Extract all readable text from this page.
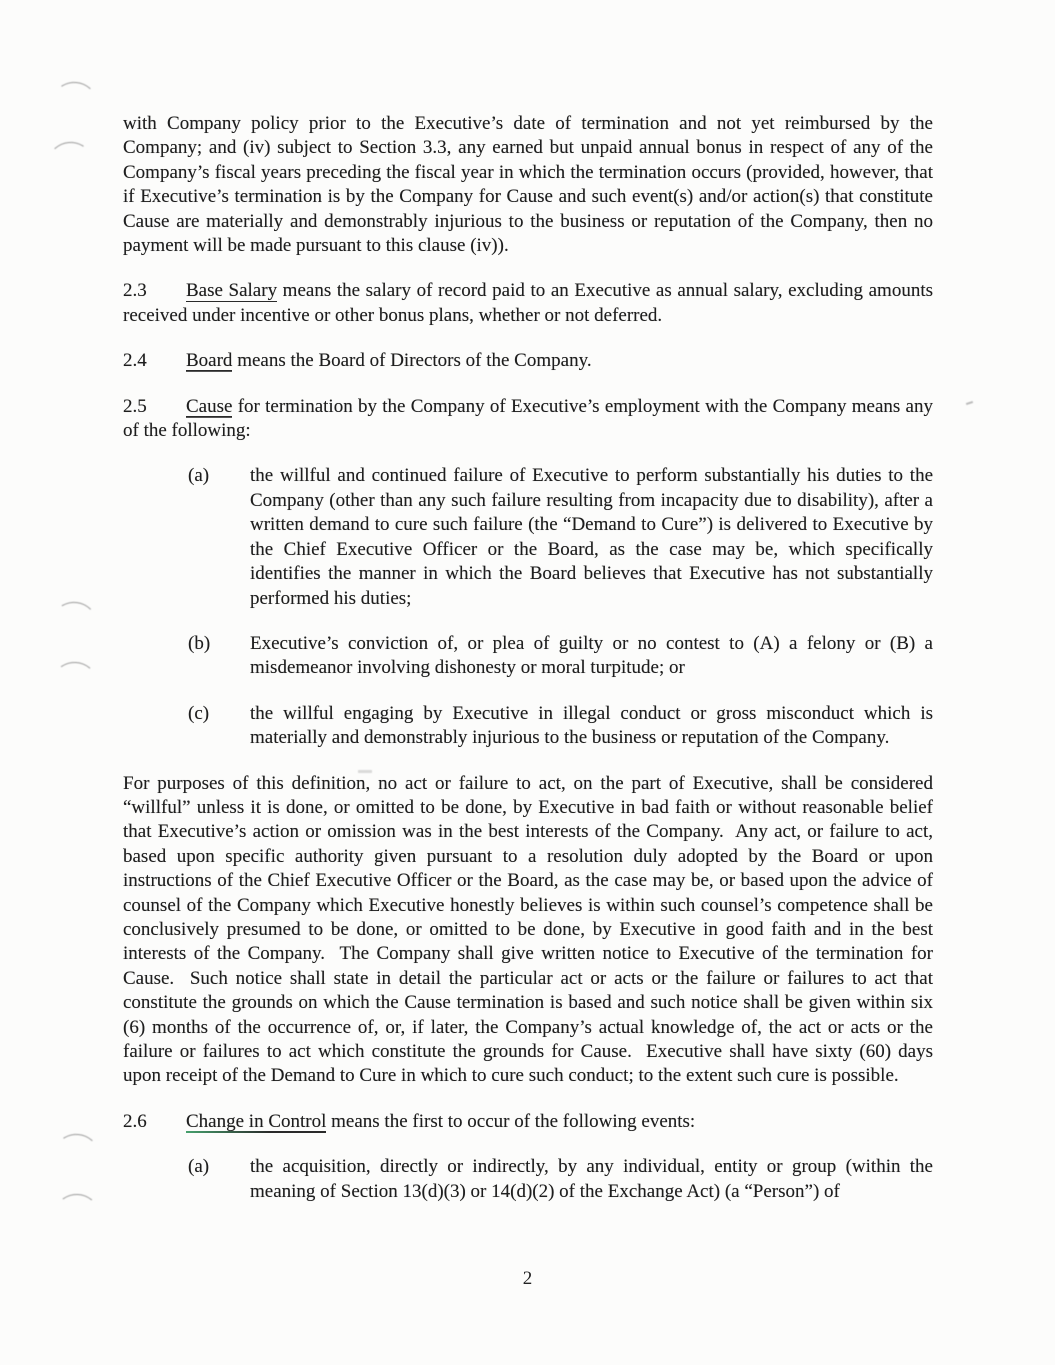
with Company policy prior to the Executive’s date of termination and not yet reimbursed by the Company; and (iv) subject to Section 3.3, any earned but unpaid annual bonus in respect of any of the Company’s fiscal years preceding the fiscal year in which the termination occurs (provided, however, that if Executive’s termination is by the Company for Cause and such event(s) and/or action(s) that constitute Cause are materially and demonstrably injurious to the business or reputation of the Company, then no payment will be made pursuant to this clause (iv)).

2.3 Base Salary means the salary of record paid to an Executive as annual salary, excluding amounts received under incentive or other bonus plans, whether or not deferred.

2.4 Board means the Board of Directors of the Company.

2.5 Cause for termination by the Company of Executive’s employment with the Company means any of the following:

(a)	the willful and continued failure of Executive to perform substantially his duties to the Company (other than any such failure resulting from incapacity due to disability), after a written demand to cure such failure (the “Demand to Cure”) is delivered to Executive by the Chief Executive Officer or the Board, as the case may be, which specifically identifies the manner in which the Board believes that Executive has not substantially performed his duties;
(b)	Executive’s conviction of, or plea of guilty or no contest to (A) a felony or (B) a misdemeanor involving dishonesty or moral turpitude; or
(c)	the willful engaging by Executive in illegal conduct or gross misconduct which is materially and demonstrably injurious to the business or reputation of the Company.

For purposes of this definition, no act or failure to act, on the part of Executive, shall be considered “willful” unless it is done, or omitted to be done, by Executive in bad faith or without reasonable belief that Executive’s action or omission was in the best interests of the Company.  Any act, or failure to act, based upon specific authority given pursuant to a resolution duly adopted by the Board or upon instructions of the Chief Executive Officer or the Board, as the case may be, or based upon the advice of counsel of the Company which Executive honestly believes is within such counsel’s competence shall be conclusively presumed to be done, or omitted to be done, by Executive in good faith and in the best interests of the Company.  The Company shall give written notice to Executive of the termination for Cause.  Such notice shall state in detail the particular act or acts or the failure or failures to act that constitute the grounds on which the Cause termination is based and such notice shall be given within six (6) months of the occurrence of, or, if later, the Company’s actual knowledge of, the act or acts or the failure or failures to act which constitute the grounds for Cause.  Executive shall have sixty (60) days upon receipt of the Demand to Cure in which to cure such conduct; to the extent such cure is possible.

2.6 Change in Control means the first to occur of the following events:

(a)	the acquisition, directly or indirectly, by any individual, entity or group (within the meaning of Section 13(d)(3) or 14(d)(2) of the Exchange Act) (a “Person”) of
2
